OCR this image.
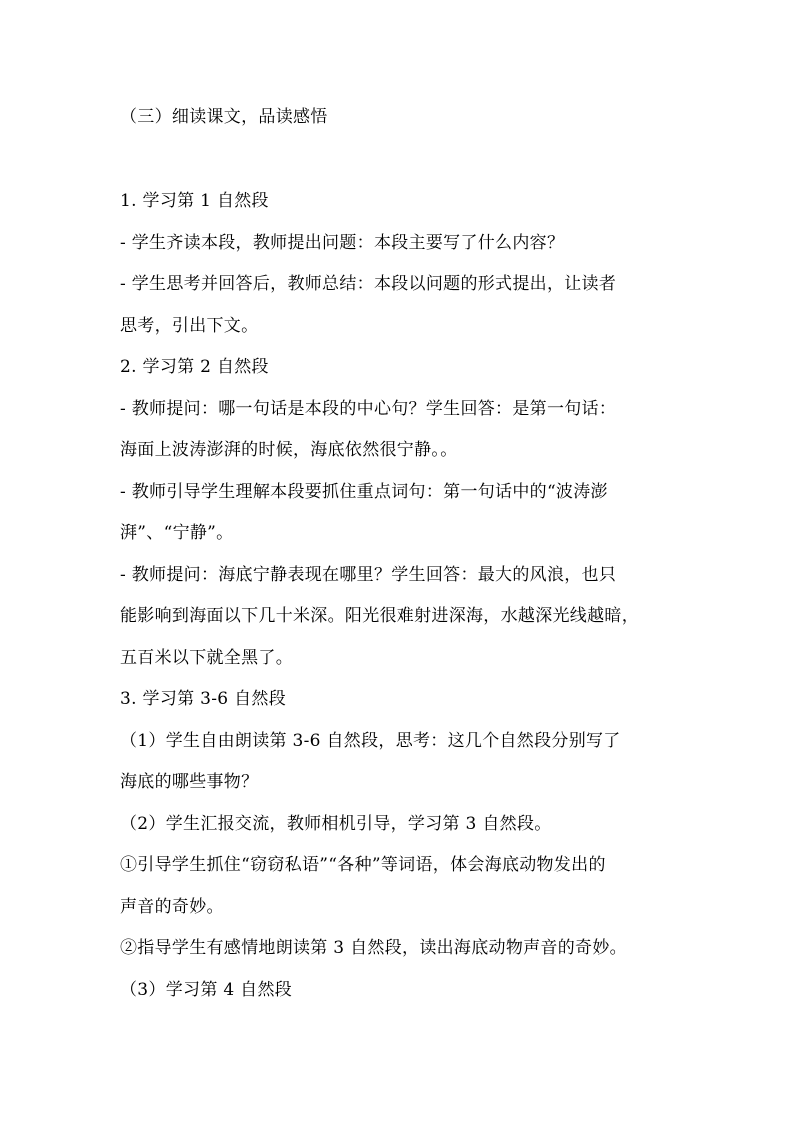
（三）细读课文，品读感悟
1. 学习第 1 自然段
- 学生齐读本段，教师提出问题：本段主要写了什么内容？
- 学生思考并回答后，教师总结：本段以问题的形式提出，让读者
思考，引出下文。
2. 学习第 2 自然段
- 教师提问：哪一句话是本段的中心句？学生回答：是第一句话：
海面上波涛澎湃的时候，海底依然很宁静。。
- 教师引导学生理解本段要抓住重点词句：第一句话中的“波涛澎
湃”、“宁静”。
- 教师提问：海底宁静表现在哪里？学生回答：最大的风浪，也只
能影响到海面以下几十米深。阳光很难射进深海，水越深光线越暗，
五百米以下就全黑了。
3. 学习第 3-6 自然段
（1）学生自由朗读第 3-6 自然段，思考：这几个自然段分别写了
海底的哪些事物？
（2）学生汇报交流，教师相机引导，学习第 3 自然段。
①引导学生抓住“窃窃私语”“各种”等词语，体会海底动物发出的
声音的奇妙。
②指导学生有感情地朗读第 3 自然段，读出海底动物声音的奇妙。
（3）学习第 4 自然段
